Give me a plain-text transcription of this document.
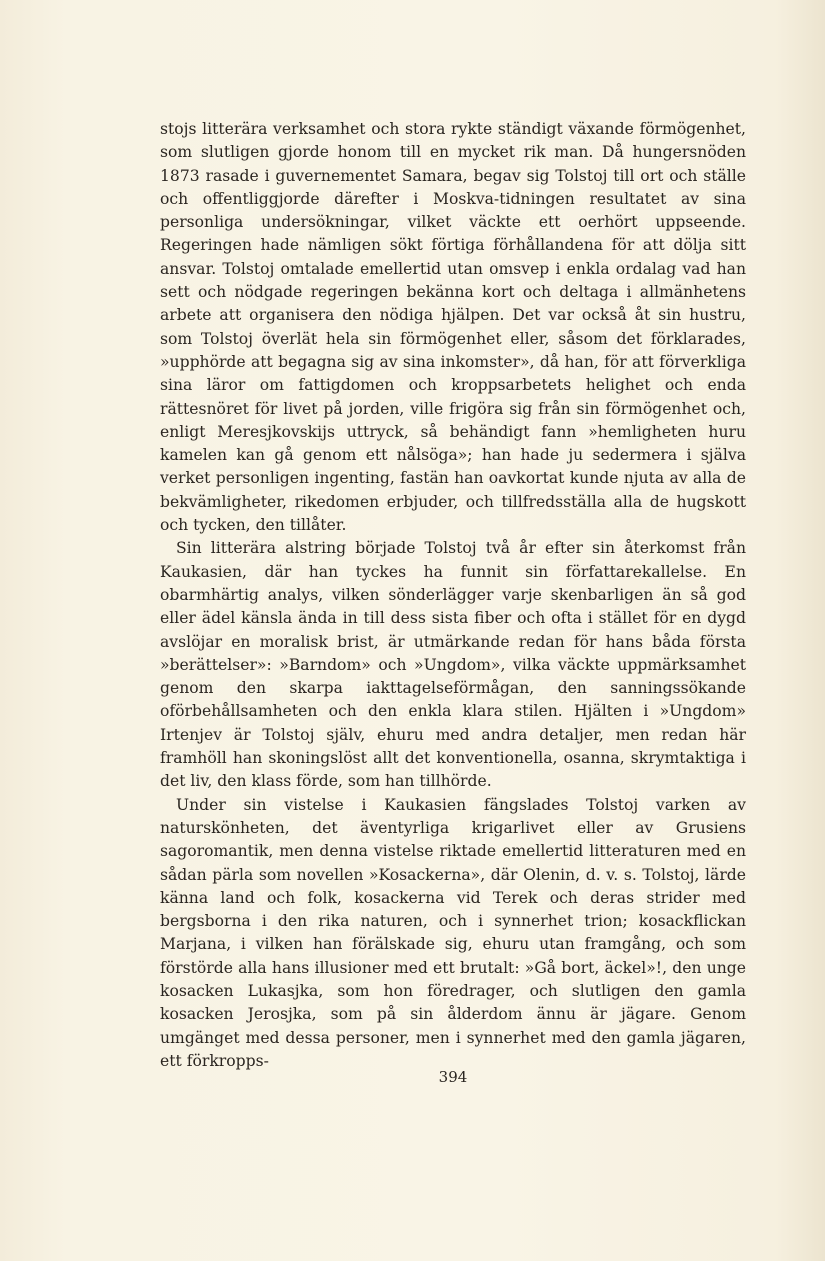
stojs litterära verksamhet och stora rykte ständigt växande förmögenhet, som slutligen gjorde honom till en mycket rik man. Då hungersnöden 1873 rasade i guvernementet Samara, begav sig Tolstoj till ort och ställe och offentliggjorde därefter i Moskva-tidningen resultatet av sina personliga undersökningar, vilket väckte ett oerhört uppseende. Regeringen hade nämligen sökt förtiga förhållandena för att dölja sitt ansvar. Tolstoj omtalade emellertid utan omsvep i enkla ordalag vad han sett och nödgade regeringen bekänna kort och deltaga i allmänhetens arbete att organisera den nödiga hjälpen. Det var också åt sin hustru, som Tolstoj överlät hela sin förmögenhet eller, såsom det förklarades, »upphörde att begagna sig av sina inkomster», då han, för att förverkliga sina läror om fattigdomen och kroppsarbetets helighet och enda rättesnöret för livet på jorden, ville frigöra sig från sin förmögenhet och, enligt Meresjkovskijs uttryck, så behändigt fann »hemligheten huru kamelen kan gå genom ett nålsöga»; han hade ju sedermera i själva verket personligen ingenting, fastän han oavkortat kunde njuta av alla de bekvämligheter, rikedomen erbjuder, och tillfredsställa alla de hugskott och tycken, den tillåter.

Sin litterära alstring började Tolstoj två år efter sin återkomst från Kaukasien, där han tyckes ha funnit sin författarekallelse. En obarmhärtig analys, vilken sönderlägger varje skenbarligen än så god eller ädel känsla ända in till dess sista fiber och ofta i stället för en dygd avslöjar en moralisk brist, är utmärkande redan för hans båda första »berättelser»: »Barndom» och »Ungdom», vilka väckte uppmärksamhet genom den skarpa iakttagelseförmågan, den sanningssökande oförbehållsamheten och den enkla klara stilen. Hjälten i »Ungdom» Irtenjev är Tolstoj själv, ehuru med andra detaljer, men redan här framhöll han skoningslöst allt det konventionella, osanna, skrymtaktiga i det liv, den klass förde, som han tillhörde.

Under sin vistelse i Kaukasien fängslades Tolstoj varken av naturskönheten, det äventyrliga krigarlivet eller av Grusiens sagoromantik, men denna vistelse riktade emellertid litteraturen med en sådan pärla som novellen »Kosackerna», där Olenin, d. v. s. Tolstoj, lärde känna land och folk, kosackerna vid Terek och deras strider med bergsborna i den rika naturen, och i synnerhet trion; kosackflickan Marjana, i vilken han förälskade sig, ehuru utan framgång, och som förstörde alla hans illusioner med ett brutalt: »Gå bort, äckel»!, den unge kosacken Lukasjka, som hon föredrager, och slutligen den gamla kosacken Jerosjka, som på sin ålderdom ännu är jägare. Genom umgänget med dessa personer, men i synnerhet med den gamla jägaren, ett förkropps-

394
